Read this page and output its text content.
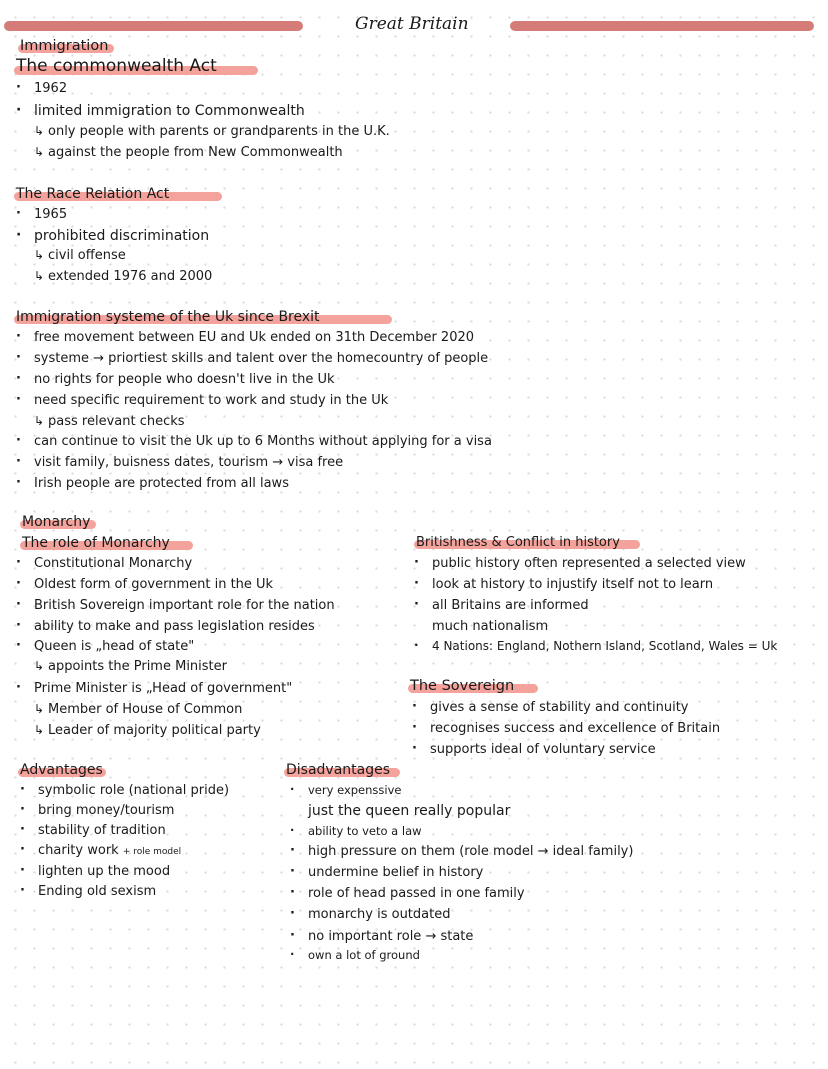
Great Britain
Immigration
The commonwealth Act
· 1962
· limited immigration to Commonwealth
↳ only people with parents or grandparents in the U.K.
↳ against the people from New Commonwealth
The Race Relation Act
· 1965
· prohibited discrimination
↳ civil offense
↳ extended 1976 and 2000
Immigration systeme of the Uk since Brexit
· free movement between EU and Uk ended on 31th December 2020
· systeme → priortiest skills and talent over the homecountry of people
· no rights for people who doesn't live in the Uk
· need specific requirement to work and study in the Uk
↳ pass relevant checks
· can continue to visit the Uk up to 6 Months without applying for a visa
· visit family, buisness dates, tourism → visa free
· Irish people are protected from all laws
Monarchy
The role of Monarchy
· Constitutional Monarchy
· Oldest form of government in the Uk
· British Sovereign important role for the nation
· ability to make and pass legislation resides
· Queen is „head of state"
↳ appoints the Prime Minister
· Prime Minister is „Head of government"
↳ Member of House of Common
↳ Leader of majority political party
Britishness & Conflict in history
· public history often represented a selected view
· look at history to injustify itself not to learn
· all Britains are informed
much nationalism
· 4 Nations: England, Nothern Island, Scotland, Wales = Uk
The Sovereign
· gives a sense of stability and continuity
· recognises success and excellence of Britain
· supports ideal of voluntary service
Advantages
· symbolic role (national pride)
· bring money/tourism
· stability of tradition
· charity work + role model
· lighten up the mood
· Ending old sexism
Disadvantages
· very expenssive
just the queen really popular
· ability to veto a law
· high pressure on them (role model → ideal family)
· undermine belief in history
· role of head passed in one family
· monarchy is outdated
· no important role → state
· own a lot of ground
